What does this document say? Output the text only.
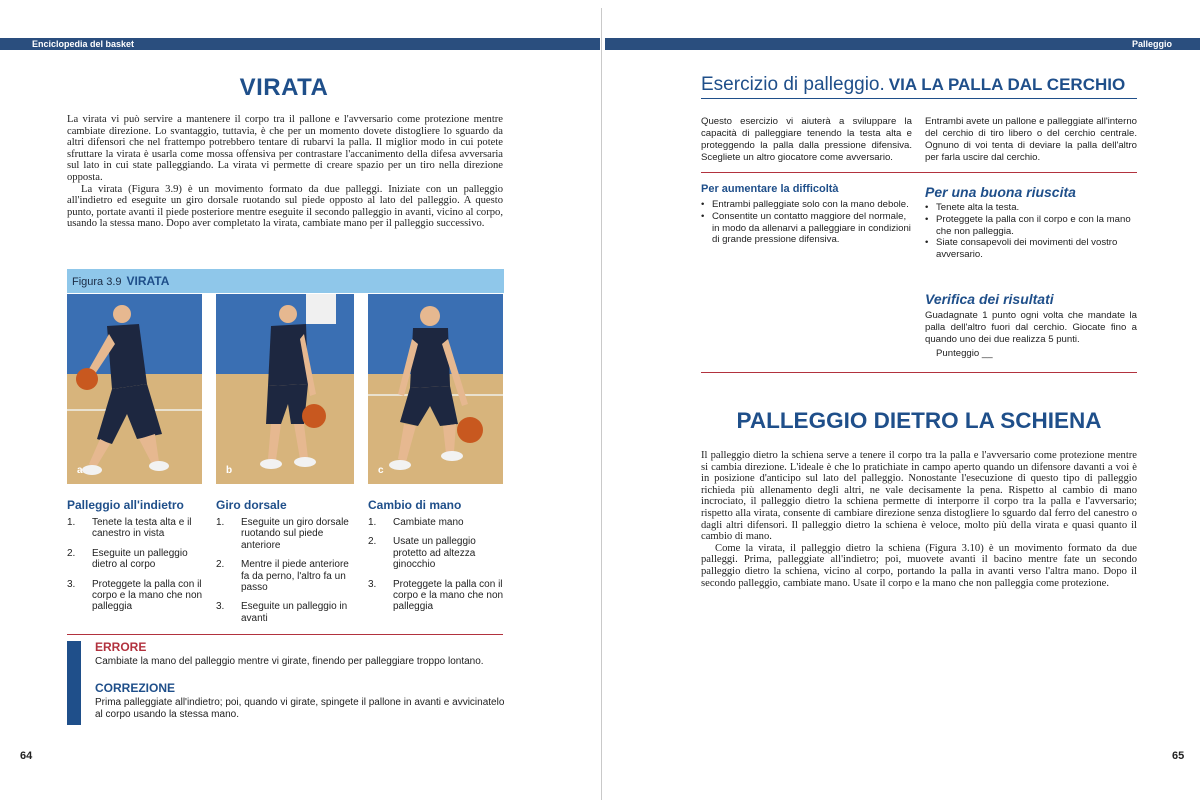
Enciclopedia del basket	Palleggio
VIRATA
La virata vi può servire a mantenere il corpo tra il pallone e l'avversario come protezione mentre cambiate direzione. Lo svantaggio, tuttavia, è che per un momento dovete distogliere lo sguardo da altri difensori che nel frattempo potrebbero tentare di rubarvi la palla. Il miglior modo in cui potete sfruttare la virata è usarla come mossa offensiva per contrastare l'accanimento della difesa avversaria sul lato in cui state palleggiando. La virata vi permette di creare spazio per un tiro nella direzione opposta.
La virata (Figura 3.9) è un movimento formato da due palleggi. Iniziate con un palleggio all'indietro ed eseguite un giro dorsale ruotando sul piede opposto al lato del palleggio. A questo punto, portate avanti il piede posteriore mentre eseguite il secondo palleggio in avanti, vicino al corpo, usando la stessa mano. Dopo aver completato la virata, cambiate mano per il palleggio successivo.
Figura 3.9 VIRATA
a	b	c
Palleggio all'indietro
1. Tenete la testa alta e il canestro in vista
2. Eseguite un palleggio dietro al corpo
3. Proteggete la palla con il corpo e la mano che non palleggia
Giro dorsale
1. Eseguite un giro dorsale ruotando sul piede anteriore
2. Mentre il piede anteriore fa da perno, l'altro fa un passo
3. Eseguite un palleggio in avanti
Cambio di mano
1. Cambiate mano
2. Usate un palleggio protetto ad altezza ginocchio
3. Proteggete la palla con il corpo e la mano che non palleggia
ERRORE
Cambiate la mano del palleggio mentre vi girate, finendo per palleggiare troppo lontano.
CORREZIONE
Prima palleggiate all'indietro; poi, quando vi girate, spingete il pallone in avanti e avvicinatelo al corpo usando la stessa mano.
64
Esercizio di palleggio. VIA LA PALLA DAL CERCHIO
Questo esercizio vi aiuterà a sviluppare la capacità di palleggiare tenendo la testa alta e proteggendo la palla dalla pressione difensiva. Scegliete un altro giocatore come avversario.
Entrambi avete un pallone e palleggiate all'interno del cerchio di tiro libero o del cerchio centrale. Ognuno di voi tenta di deviare la palla dell'altro per farla uscire dal cerchio.
Per aumentare la difficoltà
• Entrambi palleggiate solo con la mano debole.
• Consentite un contatto maggiore del normale, in modo da allenarvi a palleggiare in condizioni di grande pressione difensiva.
Per una buona riuscita
• Tenete alta la testa.
• Proteggete la palla con il corpo e con la mano che non palleggia.
• Siate consapevoli dei movimenti del vostro avversario.
Verifica dei risultati
Guadagnate 1 punto ogni volta che mandate la palla dell'altro fuori dal cerchio. Giocate fino a quando uno dei due realizza 5 punti.
Punteggio __
PALLEGGIO DIETRO LA SCHIENA
Il palleggio dietro la schiena serve a tenere il corpo tra la palla e l'avversario come protezione mentre si cambia direzione. L'ideale è che lo pratichiate in campo aperto quando un difensore davanti a voi è in posizione d'anticipo sul lato del palleggio. Nonostante l'esecuzione di questo tipo di palleggio richieda più allenamento degli altri, ne vale decisamente la pena. Rispetto al cambio di mano incrociato, il palleggio dietro la schiena permette di interporre il corpo tra la palla e l'avversario; rispetto alla virata, consente di cambiare direzione senza distogliere lo sguardo dal ferro del canestro o dagli altri difensori. Il palleggio dietro la schiena è veloce, molto più della virata e quasi quanto il cambio di mano.
Come la virata, il palleggio dietro la schiena (Figura 3.10) è un movimento formato da due palleggi. Prima, palleggiate all'indietro; poi, muovete avanti il bacino mentre fate un secondo palleggio dietro la schiena, vicino al corpo, portando la palla in avanti verso l'altra mano. Dopo il secondo palleggio, cambiate mano. Usate il corpo e la mano che non palleggia come protezione.
65
